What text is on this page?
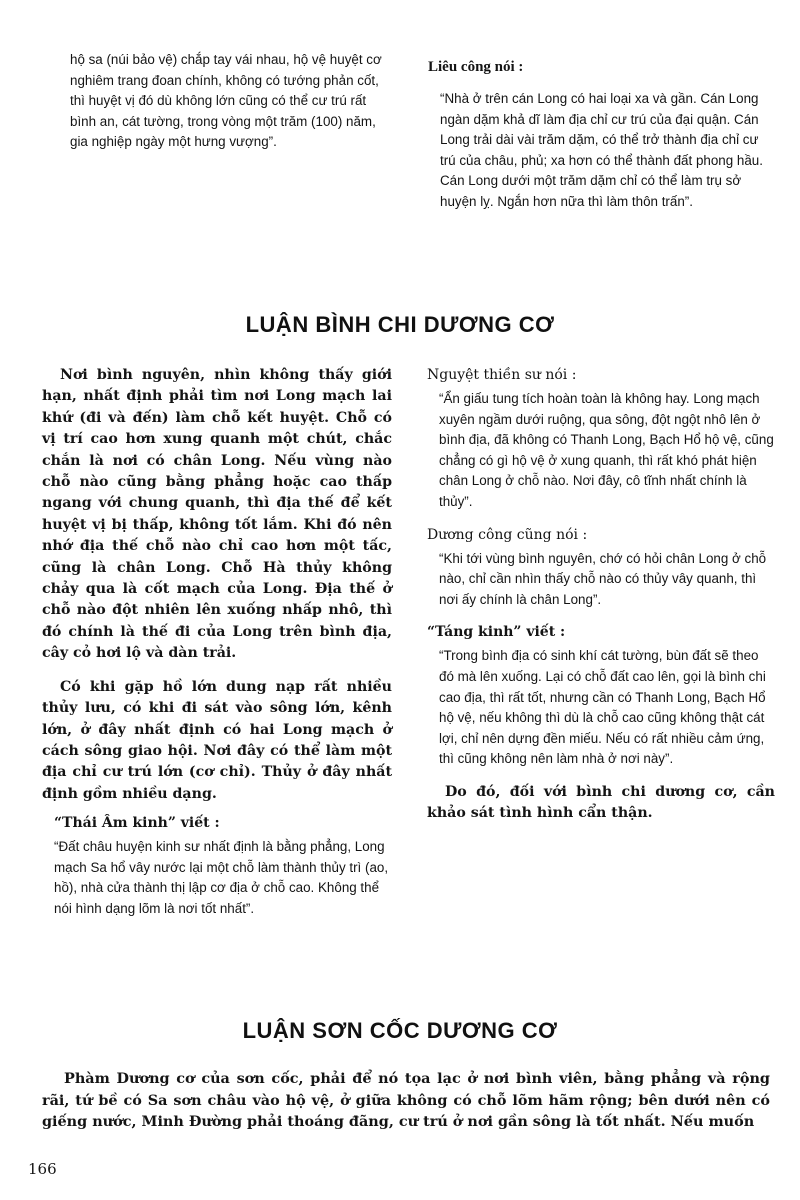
hộ sa (núi bảo vệ) chắp tay vái nhau, hộ vệ huyệt cơ nghiêm trang đoan chính, không có tướng phản cốt, thì huyệt vị đó dù không lớn cũng có thể cư trú rất bình an, cát tường, trong vòng một trăm (100) năm, gia nghiệp ngày một hưng vượng”.

Liêu công nói :

“Nhà ở trên cán Long có hai loại xa và gần. Cán Long ngàn dặm khả dĩ làm địa chỉ cư trú của đại quận. Cán Long trải dài vài trăm dặm, có thể trở thành địa chỉ cư trú của châu, phủ; xa hơn có thể thành đất phong hầu. Cán Long dưới một trăm dặm chỉ có thể làm trụ sở huyện lỵ. Ngắn hơn nữa thì làm thôn trấn”.

LUẬN BÌNH CHI DƯƠNG CƠ

Nơi bình nguyên, nhìn không thấy giới hạn, nhất định phải tìm nơi Long mạch lai khứ (đi và đến) làm chỗ kết huyệt. Chỗ có vị trí cao hơn xung quanh một chút, chắc chắn là nơi có chân Long. Nếu vùng nào chỗ nào cũng bằng phẳng hoặc cao thấp ngang với chung quanh, thì địa thế để kết huyệt vị bị thấp, không tốt lắm. Khi đó nên nhớ địa thế chỗ nào chỉ cao hơn một tấc, cũng là chân Long. Chỗ Hà thủy không chảy qua là cốt mạch của Long. Địa thế ở chỗ nào đột nhiên lên xuống nhấp nhô, thì đó chính là thế đi của Long trên bình địa, cây cỏ hơi lộ và dàn trải.

Có khi gặp hồ lớn dung nạp rất nhiều thủy lưu, có khi đi sát vào sông lớn, kênh lớn, ở đây nhất định có hai Long mạch ở cách sông giao hội. Nơi đây có thể làm một địa chỉ cư trú lớn (cơ chỉ). Thủy ở đây nhất định gồm nhiều dạng.

“Thái Âm kinh” viết :

“Đất châu huyện kinh sư nhất định là bằng phẳng, Long mạch Sa hổ vây nước lại một chỗ làm thành thủy trì (ao, hồ), nhà cửa thành thị lập cơ địa ở chỗ cao. Không thể nói hình dạng lõm là nơi tốt nhất”.

Nguyệt thiền sư nói :

“Ẩn giấu tung tích hoàn toàn là không hay. Long mạch xuyên ngầm dưới ruộng, qua sông, đột ngột nhô lên ở bình địa, đã không có Thanh Long, Bạch Hổ hộ vệ, cũng chẳng có gì hộ vệ ở xung quanh, thì rất khó phát hiện chân Long ở chỗ nào. Nơi đây, cô tĩnh nhất chính là thủy”.

Dương công cũng nói :

“Khi tới vùng bình nguyên, chớ có hỏi chân Long ở chỗ nào, chỉ cần nhìn thấy chỗ nào có thủy vây quanh, thì nơi ấy chính là chân Long”.

“Táng kinh” viết :

“Trong bình địa có sinh khí cát tường, bùn đất sẽ theo đó mà lên xuống. Lại có chỗ đất cao lên, gọi là bình chi cao địa, thì rất tốt, nhưng cần có Thanh Long, Bạch Hổ hộ vệ, nếu không thì dù là chỗ cao cũng không thật cát lợi, chỉ nên dựng đền miếu. Nếu có rất nhiều cảm ứng, thì cũng không nên làm nhà ở nơi này”.

Do đó, đối với bình chi dương cơ, cần khảo sát tình hình cẩn thận.

LUẬN SƠN CỐC DƯƠNG CƠ

Phàm Dương cơ của sơn cốc, phải để nó tọa lạc ở nơi bình viên, bằng phẳng và rộng rãi, tứ bề có Sa sơn châu vào hộ vệ, ở giữa không có chỗ lõm hãm rộng; bên dưới nên có giếng nước, Minh Đường phải thoáng đãng, cư trú ở nơi gần sông là tốt nhất. Nếu muốn

166
